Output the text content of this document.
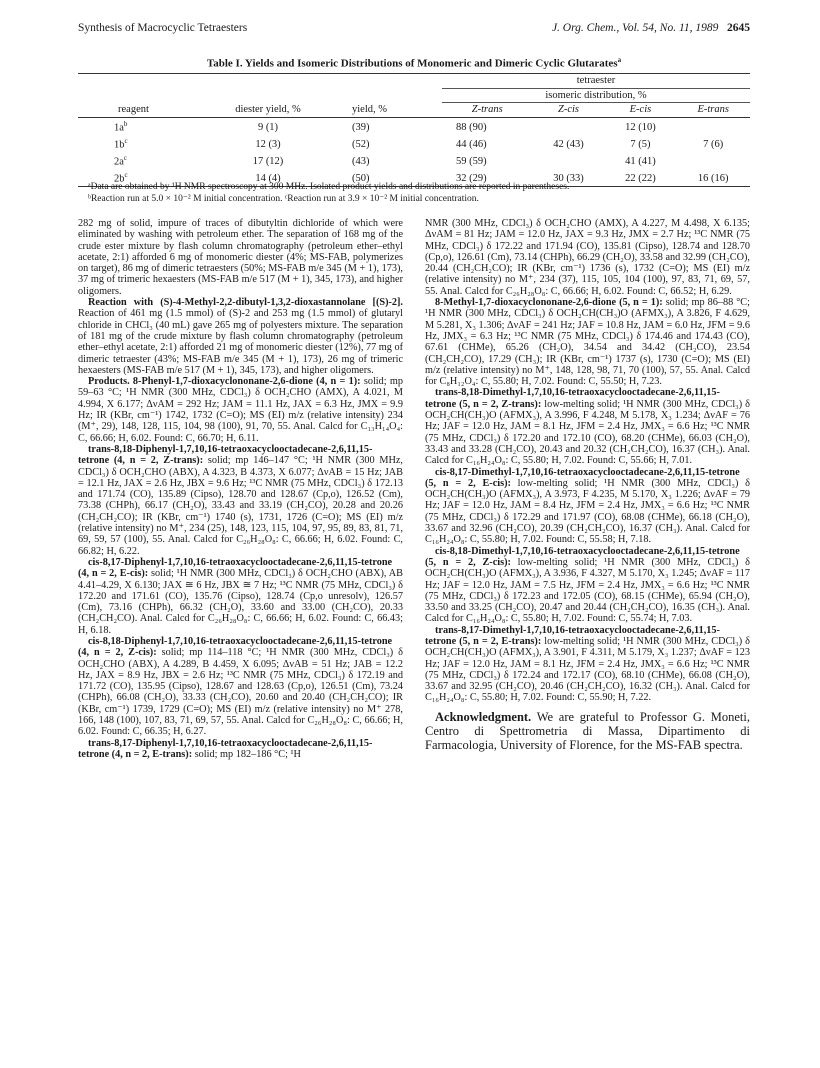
Synthesis of Macrocyclic Tetraesters	J. Org. Chem., Vol. 54, No. 11, 1989 2645
Table I. Yields and Isomeric Distributions of Monomeric and Dimeric Cyclic Glutarates$^a$
			tetraester			
			isomeric distribution, %			
reagent	diester yield, %	yield, %	Z-trans	Z-cis	E-cis	E-trans
$1a^b$	9 (1)	(39)	88 (90)		12 (10)	
$1b^c$	12 (3)	(52)	44 (46)	42 (43)	7 (5)	7 (6)
$2a^c$	17 (12)	(43)	59 (59)		41 (41)	
$2b^c$	14 (4)	(50)	32 (29)	30 (33)	22 (22)	16 (16)
ᵃData are obtained by ¹H NMR spectroscopy at 300 MHz. Isolated product yields and distributions are reported in parentheses.
ᵇReaction run at 5.0 × 10⁻² M initial concentration. ᶜReaction run at 3.9 × 10⁻² M initial concentration.

282 mg of solid, impure of traces of dibutyltin dichloride of which were eliminated by washing with petroleum ether. The separation of 168 mg of the crude ester mixture by flash column chromatography (petroleum ether–ethyl acetate, 2:1) afforded 6 mg of monomeric diester (4%; MS-FAB, polymerizes on target), 86 mg of dimeric tetraesters (50%; MS-FAB m/e 345 (M + 1), 173), 37 mg of trimeric hexaesters (MS-FAB m/e 517 (M + 1), 345, 173), and higher oligomers.

Reaction with (S)-4-Methyl-2,2-dibutyl-1,3,2-dioxastannolane [(S)-2]. Reaction of 461 mg (1.5 mmol) of (S)-2 and 253 mg (1.5 mmol) of glutaryl chloride in CHCl₃ (40 mL) gave 265 mg of polyesters mixture. The separation of 181 mg of the crude mixture by flash column chromatography (petroleum ether–ethyl acetate, 2:1) afforded 21 mg of monomeric diester (12%), 77 mg of dimeric tetraester (43%; MS-FAB m/e 345 (M + 1), 173), 26 mg of trimeric hexaesters (MS-FAB m/e 517 (M + 1), 345, 173), and higher oligomers.

Products. 8-Phenyl-1,7-dioxacyclononane-2,6-dione (4, n = 1): solid; mp 59–63 °C; ¹H NMR (300 MHz, CDCl₃) δ OCH₂CHO (AMX), A 4.021, M 4.994, X 6.177; ΔνAM = 292 Hz; JAM = 11.1 Hz, JAX = 6.3 Hz, JMX = 9.9 Hz; IR (KBr, cm⁻¹) 1742, 1732 (C=O); MS (EI) m/z (relative intensity) 234 (M⁺, 29), 148, 128, 115, 104, 98 (100), 91, 70, 55. Anal. Calcd for C₁₃H₁₄O₄: C, 66.66; H, 6.02. Found: C, 66.70; H, 6.11.

trans-8,18-Diphenyl-1,7,10,16-tetraoxacyclooctadecane-2,6,11,15-tetrone (4, n = 2, Z-trans): solid; mp 146–147 °C; ¹H NMR (300 MHz, CDCl₃) δ OCH₂CHO (ABX), A 4.323, B 4.373, X 6.077; ΔνAB = 15 Hz; JAB = 12.1 Hz, JAX = 2.6 Hz, JBX = 9.6 Hz; ¹³C NMR (75 MHz, CDCl₃) δ 172.13 and 171.74 (CO), 135.89 (Cipso), 128.70 and 128.67 (Cp,o), 126.52 (Cm), 73.38 (CHPh), 66.17 (CH₂O), 33.43 and 33.19 (CH₂CO), 20.28 and 20.26 (CH₂CH₂CO); IR (KBr, cm⁻¹) 1740 (s), 1731, 1726 (C=O); MS (EI) m/z (relative intensity) no M⁺, 234 (25), 148, 123, 115, 104, 97, 95, 89, 83, 81, 71, 69, 59, 57 (100), 55. Anal. Calcd for C₂₆H₂₈O₈: C, 66.66; H, 6.02. Found: C, 66.82; H, 6.22.

cis-8,17-Diphenyl-1,7,10,16-tetraoxacyclooctadecane-2,6,11,15-tetrone (4, n = 2, E-cis): solid; ¹H NMR (300 MHz, CDCl₃) δ OCH₂CHO (ABX), AB 4.41–4.29, X 6.130; JAX ≅ 6 Hz, JBX ≅ 7 Hz; ¹³C NMR (75 MHz, CDCl₃) δ 172.20 and 171.61 (CO), 135.76 (Cipso), 128.74 (Cp,o unresolv), 126.57 (Cm), 73.16 (CHPh), 66.32 (CH₂O), 33.60 and 33.00 (CH₂CO), 20.33 (CH₂CH₂CO). Anal. Calcd for C₂₆H₂₈O₈: C, 66.66; H, 6.02. Found: C, 66.43; H, 6.18.

cis-8,18-Diphenyl-1,7,10,16-tetraoxacyclooctadecane-2,6,11,15-tetrone (4, n = 2, Z-cis): solid; mp 114–118 °C; ¹H NMR (300 MHz, CDCl₃) δ OCH₂CHO (ABX), A 4.289, B 4.459, X 6.095; ΔνAB = 51 Hz; JAB = 12.2 Hz, JAX = 8.9 Hz, JBX = 2.6 Hz; ¹³C NMR (75 MHz, CDCl₃) δ 172.19 and 171.72 (CO), 135.95 (Cipso), 128.67 and 128.63 (Cp,o), 126.51 (Cm), 73.24 (CHPh), 66.08 (CH₂O), 33.33 (CH₂CO), 20.60 and 20.40 (CH₂CH₂CO); IR (KBr, cm⁻¹) 1739, 1729 (C=O); MS (EI) m/z (relative intensity) no M⁺ 278, 166, 148 (100), 107, 83, 71, 69, 57, 55. Anal. Calcd for C₂₆H₂₈O₈: C, 66.66; H, 6.02. Found: C, 66.35; H, 6.27.

trans-8,17-Diphenyl-1,7,10,16-tetraoxacyclooctadecane-2,6,11,15-tetrone (4, n = 2, E-trans): solid; mp 182–186 °C; ¹H

NMR (300 MHz, CDCl₃) δ OCH₂CHO (AMX), A 4.227, M 4.498, X 6.135; ΔνAM = 81 Hz; JAM = 12.0 Hz, JAX = 9.3 Hz, JMX = 2.7 Hz; ¹³C NMR (75 MHz, CDCl₃) δ 172.22 and 171.94 (CO), 135.81 (Cipso), 128.74 and 128.70 (Cp,o), 126.61 (Cm), 73.14 (CHPh), 66.29 (CH₂O), 33.58 and 32.99 (CH₂CO), 20.44 (CH₂CH₂CO); IR (KBr, cm⁻¹) 1736 (s), 1732 (C=O); MS (EI) m/z (relative intensity) no M⁺, 234 (37), 115, 105, 104 (100), 97, 83, 71, 69, 57, 55. Anal. Calcd for C₂₆H₂₈O₈: C, 66.66; H, 6.02. Found: C, 66.52; H, 6.29.

8-Methyl-1,7-dioxacyclononane-2,6-dione (5, n = 1): solid; mp 86–88 °C; ¹H NMR (300 MHz, CDCl₃) δ OCH₂CH(CH₃)O (AFMX₃), A 3.826, F 4.629, M 5.281, X₃ 1.306; ΔνAF = 241 Hz; JAF = 10.8 Hz, JAM = 6.0 Hz, JFM = 9.6 Hz, JMX₃ = 6.3 Hz; ¹³C NMR (75 MHz, CDCl₃) δ 174.46 and 174.43 (CO), 67.61 (CHMe), 65.26 (CH₂O), 34.54 and 34.42 (CH₂CO), 23.54 (CH₂CH₂CO), 17.29 (CH₃); IR (KBr, cm⁻¹) 1737 (s), 1730 (C=O); MS (EI) m/z (relative intensity) no M⁺, 148, 128, 98, 71, 70 (100), 57, 55. Anal. Calcd for C₈H₁₂O₄: C, 55.80; H, 7.02. Found: C, 55.50; H, 7.23.

trans-8,18-Dimethyl-1,7,10,16-tetraoxacyclooctadecane-2,6,11,15-tetrone (5, n = 2, Z-trans): low-melting solid; ¹H NMR (300 MHz, CDCl₃) δ OCH₂CH(CH₃)O (AFMX₃), A 3.996, F 4.248, M 5.178, X₃ 1.234; ΔνAF = 76 Hz; JAF = 12.0 Hz, JAM = 8.1 Hz, JFM = 2.4 Hz, JMX₃ = 6.6 Hz; ¹³C NMR (75 MHz, CDCl₃) δ 172.20 and 172.10 (CO), 68.20 (CHMe), 66.03 (CH₂O), 33.43 and 33.28 (CH₂CO), 20.43 and 20.32 (CH₂CH₂CO), 16.37 (CH₃). Anal. Calcd for C₁₆H₂₄O₈: C, 55.80; H, 7.02. Found: C, 55.66; H, 7.01.

cis-8,17-Dimethyl-1,7,10,16-tetraoxacyclooctadecane-2,6,11,15-tetrone (5, n = 2, E-cis): low-melting solid; ¹H NMR (300 MHz, CDCl₃) δ OCH₂CH(CH₃)O (AFMX₃), A 3.973, F 4.235, M 5.170, X₃ 1.226; ΔνAF = 79 Hz; JAF = 12.0 Hz, JAM = 8.4 Hz, JFM = 2.4 Hz, JMX₃ = 6.6 Hz; ¹³C NMR (75 MHz, CDCl₃) δ 172.29 and 171.97 (CO), 68.08 (CHMe), 66.18 (CH₂O), 33.67 and 32.96 (CH₂CO), 20.39 (CH₂CH₂CO), 16.37 (CH₃). Anal. Calcd for C₁₆H₂₄O₈: C, 55.80; H, 7.02. Found: C, 55.58; H, 7.18.

cis-8,18-Dimethyl-1,7,10,16-tetraoxacyclooctadecane-2,6,11,15-tetrone (5, n = 2, Z-cis): low-melting solid; ¹H NMR (300 MHz, CDCl₃) δ OCH₂CH(CH₃)O (AFMX₃), A 3.936, F 4.327, M 5.170, X₃ 1.245; ΔνAF = 117 Hz; JAF = 12.0 Hz, JAM = 7.5 Hz, JFM = 2.4 Hz, JMX₃ = 6.6 Hz; ¹³C NMR (75 MHz, CDCl₃) δ 172.23 and 172.05 (CO), 68.15 (CHMe), 65.94 (CH₂O), 33.50 and 33.25 (CH₂CO), 20.47 and 20.44 (CH₂CH₂CO), 16.35 (CH₃). Anal. Calcd for C₁₆H₂₄O₈: C, 55.80; H, 7.02. Found: C, 55.74; H, 7.03.

trans-8,17-Dimethyl-1,7,10,16-tetraoxacyclooctadecane-2,6,11,15-tetrone (5, n = 2, E-trans): low-melting solid; ¹H NMR (300 MHz, CDCl₃) δ OCH₂CH(CH₃)O (AFMX₃), A 3.901, F 4.311, M 5.179, X₃ 1.237; ΔνAF = 123 Hz; JAF = 12.0 Hz, JAM = 8.1 Hz, JFM = 2.4 Hz, JMX₃ = 6.6 Hz; ¹³C NMR (75 MHz, CDCl₃) δ 172.24 and 172.17 (CO), 68.10 (CHMe), 66.08 (CH₂O), 33.67 and 32.95 (CH₂CO), 20.46 (CH₂CH₂CO), 16.32 (CH₃). Anal. Calcd for C₁₆H₂₄O₈: C, 55.80; H, 7.02. Found: C, 55.90; H, 7.22.

Acknowledgment. We are grateful to Professor G. Moneti, Centro di Spettrometria di Massa, Dipartimento di Farmacologia, University of Florence, for the MS-FAB spectra.
